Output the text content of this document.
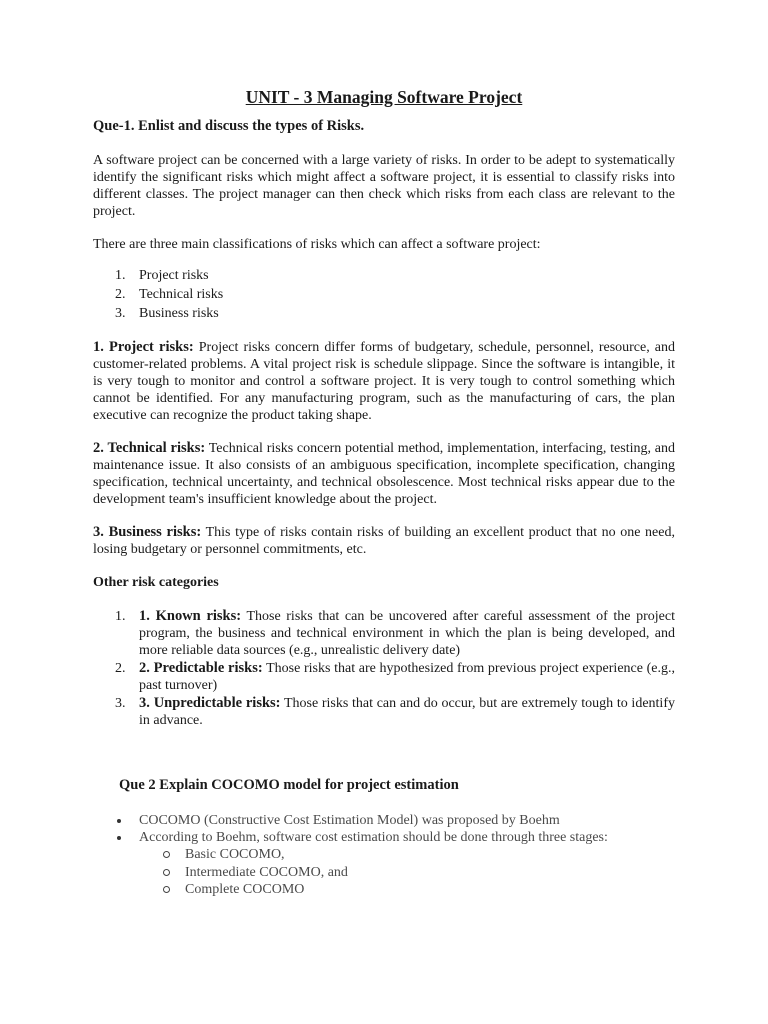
UNIT - 3 Managing Software Project
Que-1. Enlist and discuss the types of Risks.

A software project can be concerned with a large variety of risks. In order to be adept to systematically identify the significant risks which might affect a software project, it is essential to classify risks into different classes. The project manager can then check which risks from each class are relevant to the project.

There are three main classifications of risks which can affect a software project:

1. Project risks
2. Technical risks
3. Business risks

1. Project risks: Project risks concern differ forms of budgetary, schedule, personnel, resource, and customer-related problems. A vital project risk is schedule slippage. Since the software is intangible, it is very tough to monitor and control a software project. It is very tough to control something which cannot be identified. For any manufacturing program, such as the manufacturing of cars, the plan executive can recognize the product taking shape.

2. Technical risks: Technical risks concern potential method, implementation, interfacing, testing, and maintenance issue. It also consists of an ambiguous specification, incomplete specification, changing specification, technical uncertainty, and technical obsolescence. Most technical risks appear due to the development team's insufficient knowledge about the project.

3. Business risks: This type of risks contain risks of building an excellent product that no one need, losing budgetary or personnel commitments, etc.

Other risk categories
1. 1. Known risks: Those risks that can be uncovered after careful assessment of the project program, the business and technical environment in which the plan is being developed, and more reliable data sources (e.g., unrealistic delivery date)
2. 2. Predictable risks: Those risks that are hypothesized from previous project experience (e.g., past turnover)
3. 3. Unpredictable risks: Those risks that can and do occur, but are extremely tough to identify in advance.
Que 2 Explain COCOMO model for project estimation
COCOMO (Constructive Cost Estimation Model) was proposed by Boehm
According to Boehm, software cost estimation should be done through three stages:
Basic COCOMO,
Intermediate COCOMO, and
Complete COCOMO
